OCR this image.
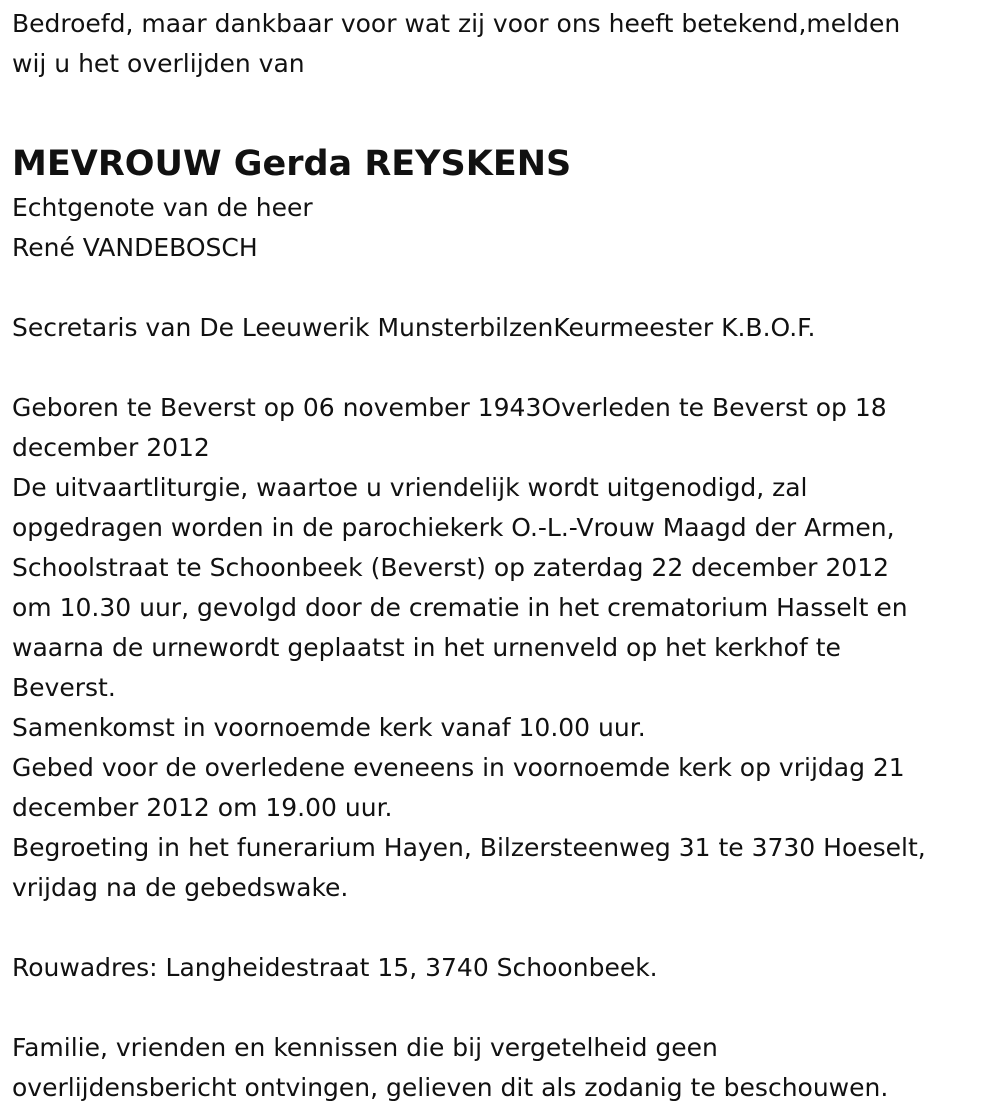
Bedroefd, maar dankbaar voor wat zij voor ons heeft betekend,melden

wij u het overlijden van

MEVROUW Gerda REYSKENS

Echtgenote van de heer

René VANDEBOSCH

Secretaris van De Leeuwerik MunsterbilzenKeurmeester K.B.O.F.

Geboren te Beverst op 06 november 1943Overleden te Beverst op 18

december 2012

De uitvaartliturgie, waartoe u vriendelijk wordt uitgenodigd, zal

opgedragen worden in de parochiekerk O.-L.-Vrouw Maagd der Armen,

Schoolstraat te Schoonbeek (Beverst) op zaterdag 22 december 2012

om 10.30 uur, gevolgd door de crematie in het crematorium Hasselt en

waarna de urnewordt geplaatst in het urnenveld op het kerkhof te

Beverst.

Samenkomst in voornoemde kerk vanaf 10.00 uur.

Gebed voor de overledene eveneens in voornoemde kerk op vrijdag 21

december 2012 om 19.00 uur.

Begroeting in het funerarium Hayen, Bilzersteenweg 31 te 3730 Hoeselt,

vrijdag na de gebedswake.

Rouwadres: Langheidestraat 15, 3740 Schoonbeek.

Familie, vrienden en kennissen die bij vergetelheid geen

overlijdensbericht ontvingen, gelieven dit als zodanig te beschouwen.
